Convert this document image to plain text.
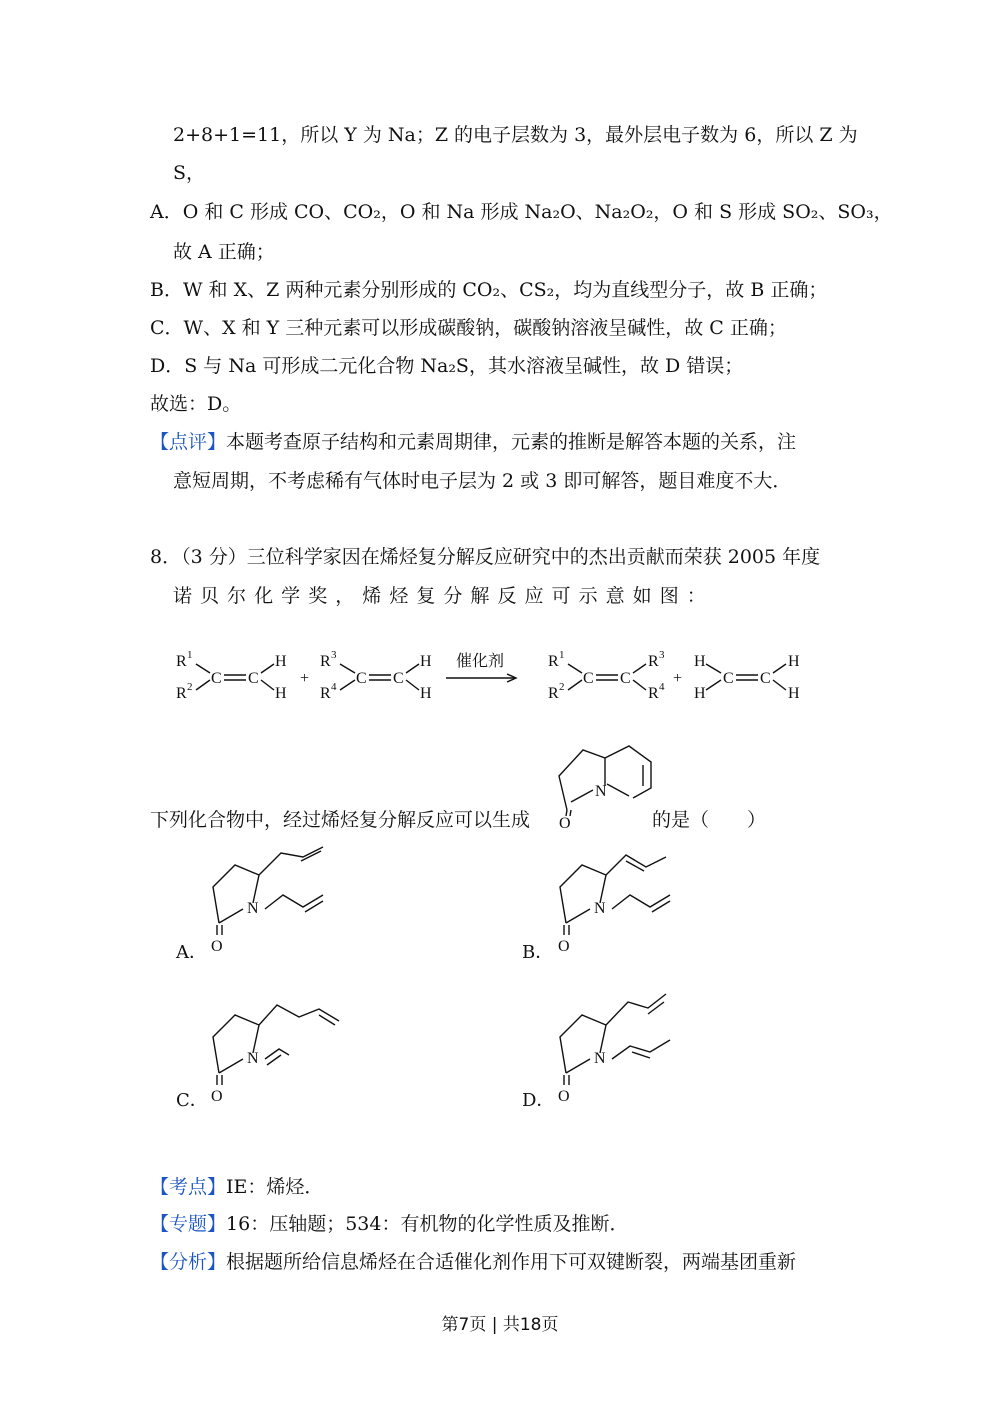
2+8+1=11，所以 Y 为 Na；Z 的电子层数为 3，最外层电子数为 6，所以 Z 为
S，
A．O 和 C 形成 CO、CO₂，O 和 Na 形成 Na₂O、Na₂O₂，O 和 S 形成 SO₂、SO₃，
故 A 正确；
B．W 和 X、Z 两种元素分别形成的 CO₂、CS₂，均为直线型分子，故 B 正确；
C．W、X 和 Y 三种元素可以形成碳酸钠，碳酸钠溶液呈碱性，故 C 正确；
D．S 与 Na 可形成二元化合物 Na₂S，其水溶液呈碱性，故 D 错误；
故选：D。
【点评】本题考查原子结构和元素周期律，元素的推断是解答本题的关系，注
意短周期，不考虑稀有气体时电子层为 2 或 3 即可解答，题目难度不大．
8．（3 分）三位科学家因在烯烃复分解反应研究中的杰出贡献而荣获 2005 年度
诺 贝 尔 化 学 奖 ， 烯 烃 复 分 解 反 应 可 示 意 如 图 ：
R 1
R 2 C C
H
H
+
R 3
R 4 C C
H
H
催化剂	R 1
R 2 C C
R 3
R 4 +
H
H
C C
H
H
下列化合物中，经过烯烃复分解反应可以生成
N
O	的是（　　）
A．	B．
C．	D．
N
O
N
O
N
O
N
O
【考点】IE：烯烃．
【专题】16：压轴题；534：有机物的化学性质及推断．
【分析】根据题所给信息烯烃在合适催化剂作用下可双键断裂，两端基团重新
第7页 | 共18页
